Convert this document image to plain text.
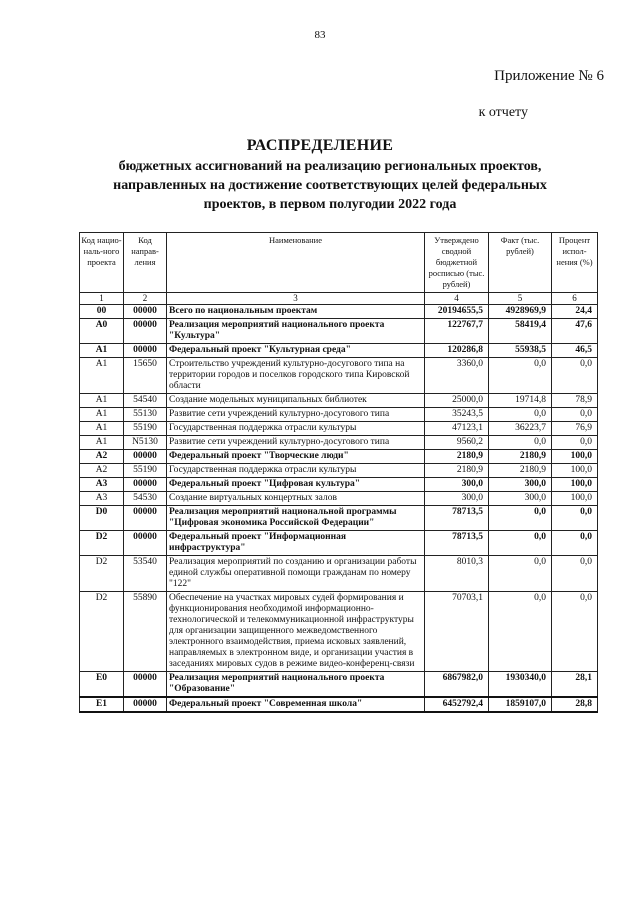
83
Приложение № 6
к отчету
РАСПРЕДЕЛЕНИЕ
бюджетных ассигнований на реализацию региональных проектов,
направленных на достижение соответствующих целей федеральных
проектов, в первом полугодии 2022 года
Код нацио-наль-ного проекта	Код направ-ления	Наименование	Утверждено сводной бюджетной росписью (тыс. рублей)	Факт (тыс. рублей)	Процент испол-нения (%)
1	2	3	4	5	6
00	00000	Всего по национальным проектам	20194655,5	4928969,9	24,4
A0	00000	Реализация мероприятий национального проекта "Культура"	122767,7	58419,4	47,6
A1	00000	Федеральный проект "Культурная среда"	120286,8	55938,5	46,5
A1	15650	Строительство учреждений культурно-досугового типа на территории городов и поселков городского типа Кировской области	3360,0	0,0	0,0
A1	54540	Создание модельных муниципальных библиотек	25000,0	19714,8	78,9
A1	55130	Развитие сети учреждений культурно-досугового типа	35243,5	0,0	0,0
A1	55190	Государственная поддержка отрасли культуры	47123,1	36223,7	76,9
A1	N5130	Развитие сети учреждений культурно-досугового типа	9560,2	0,0	0,0
A2	00000	Федеральный проект "Творческие люди"	2180,9	2180,9	100,0
A2	55190	Государственная поддержка отрасли культуры	2180,9	2180,9	100,0
A3	00000	Федеральный проект "Цифровая культура"	300,0	300,0	100,0
A3	54530	Создание виртуальных концертных залов	300,0	300,0	100,0
D0	00000	Реализация мероприятий национальной программы "Цифровая экономика Российской Федерации"	78713,5	0,0	0,0
D2	00000	Федеральный проект "Информационная инфраструктура"	78713,5	0,0	0,0
D2	53540	Реализация мероприятий по созданию и организации работы единой службы оперативной помощи гражданам по номеру "122"	8010,3	0,0	0,0
D2	55890	Обеспечение на участках мировых судей формирования и функционирования необходимой информационно-технологической и телекоммуникационной инфраструктуры для организации защищенного межведомственного электронного взаимодействия, приема исковых заявлений, направляемых в электронном виде, и организации участия в заседаниях мировых судов в режиме видео-конференц-связи	70703,1	0,0	0,0
E0	00000	Реализация мероприятий национального проекта "Образование"	6867982,0	1930340,0	28,1
E1	00000	Федеральный проект "Современная школа"	6452792,4	1859107,0	28,8
